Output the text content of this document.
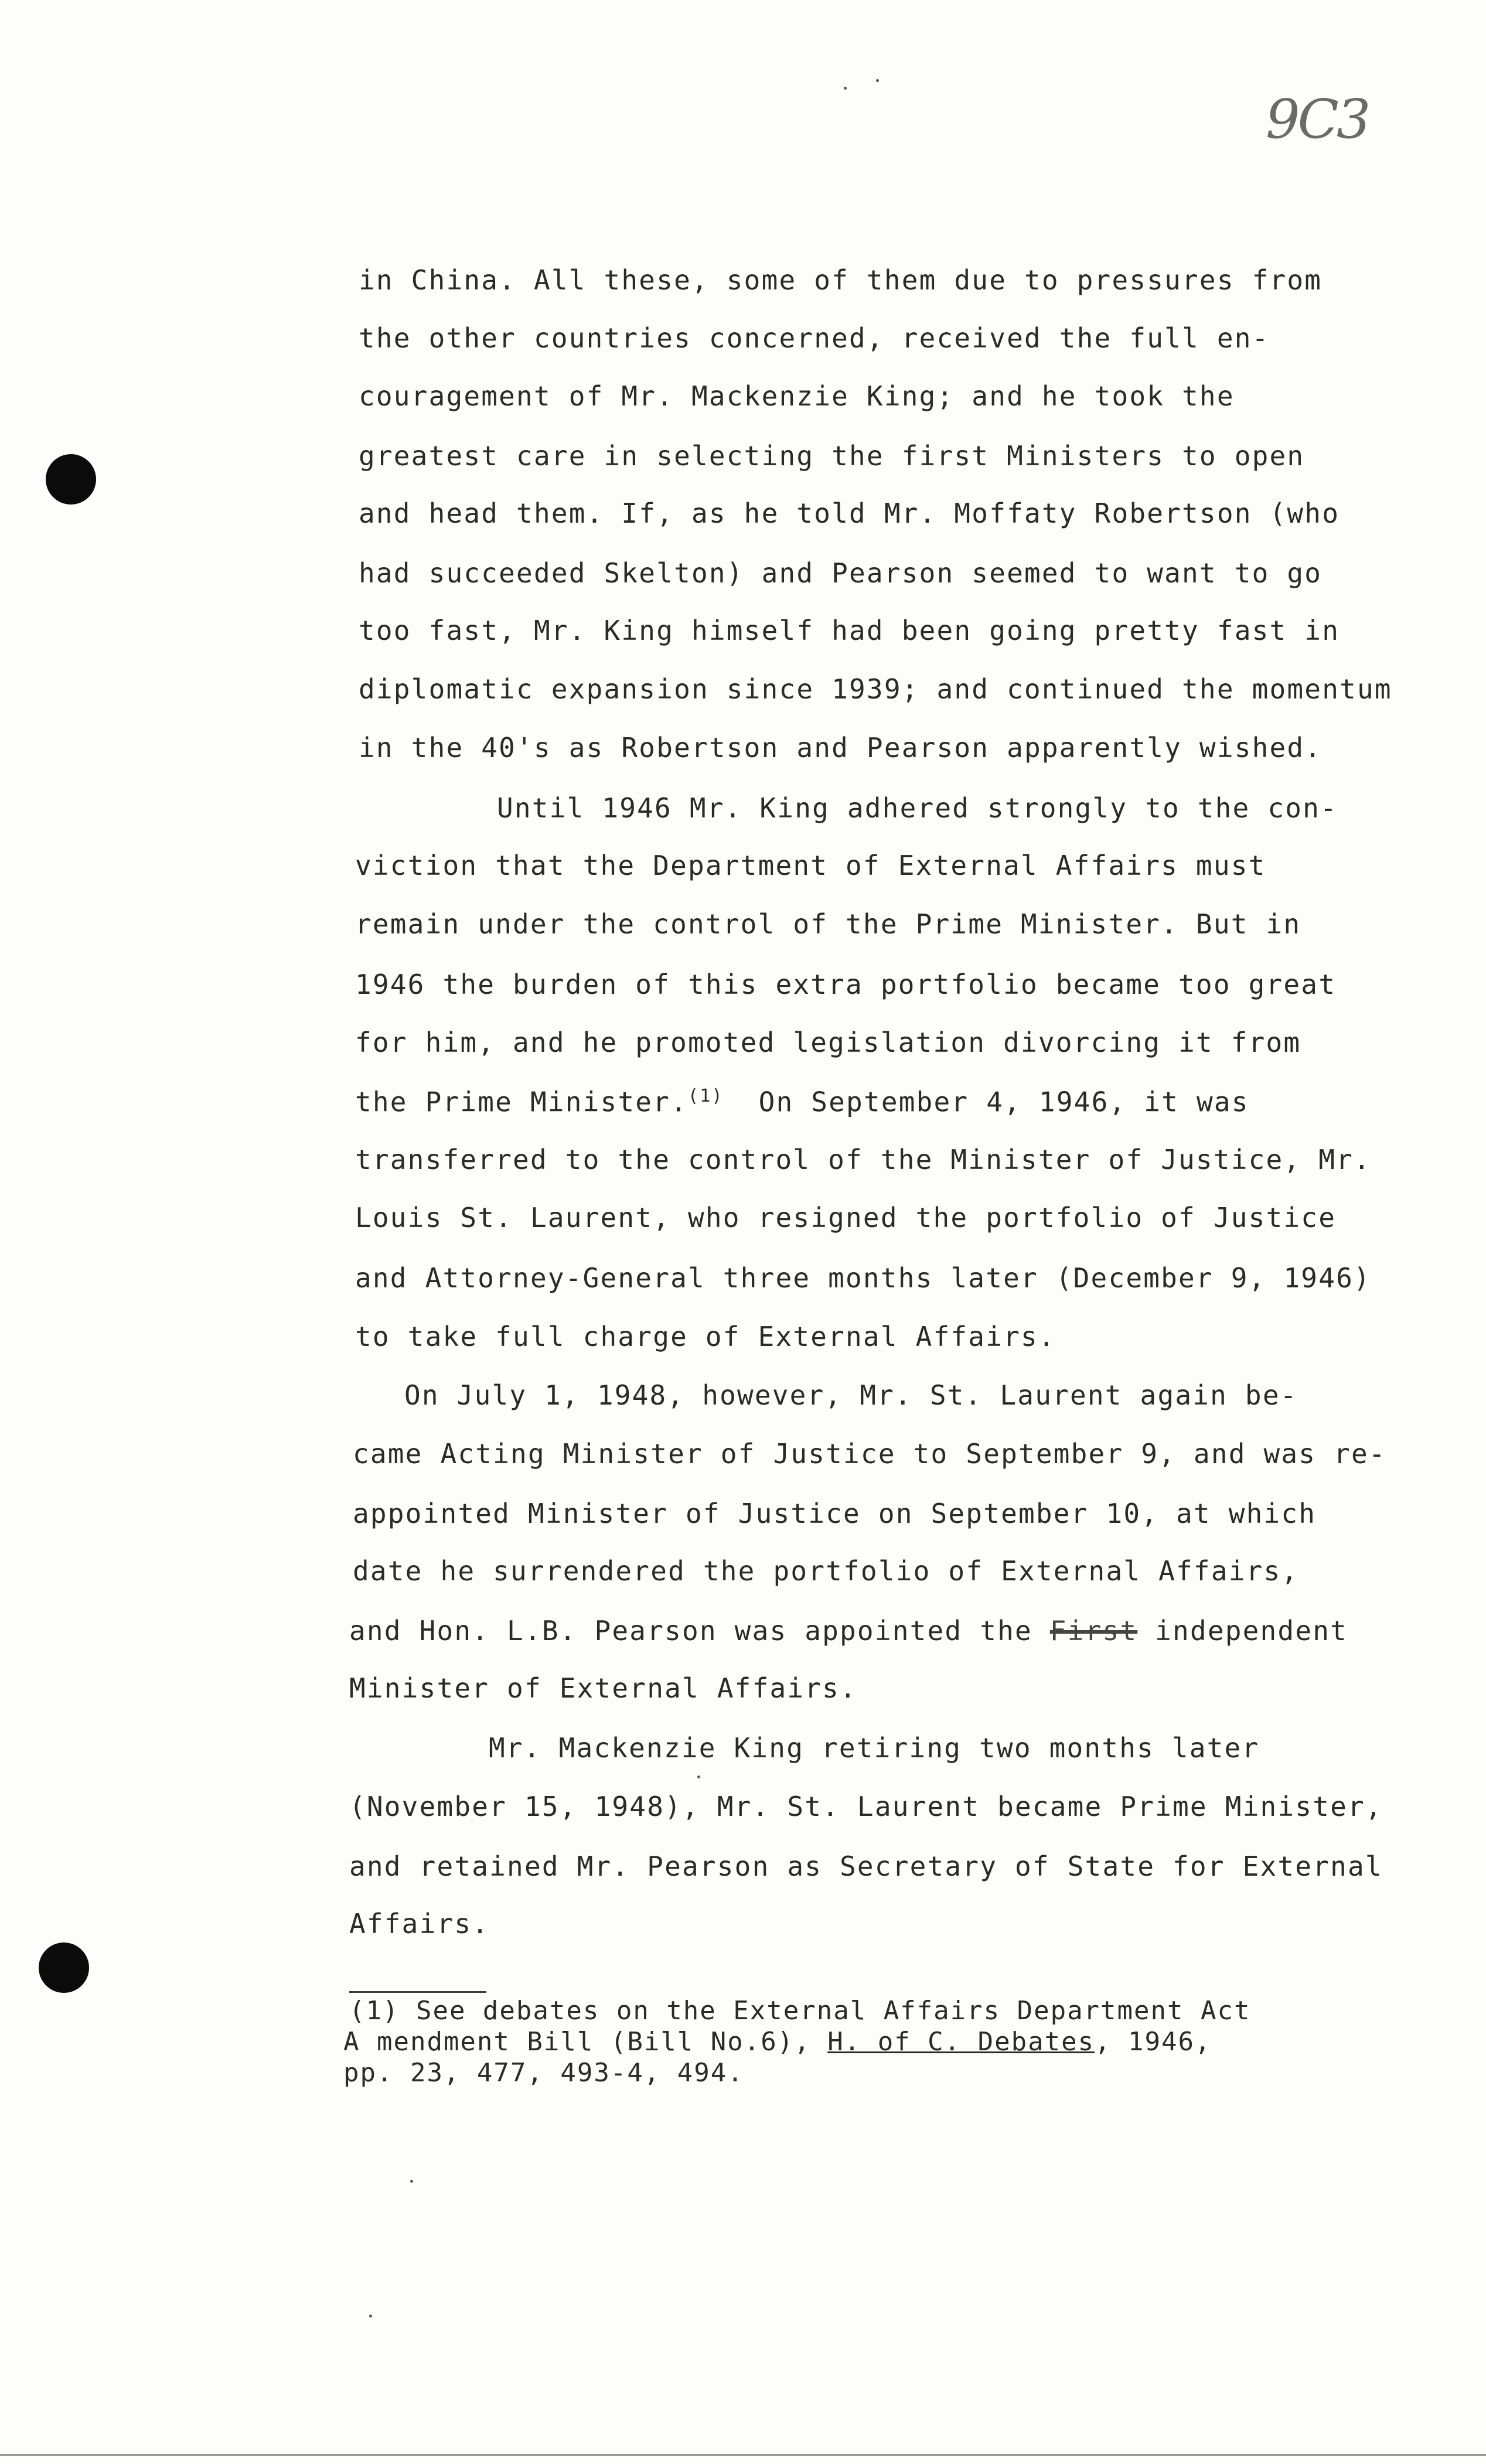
9C3
in China. All these, some of them due to pressures from
the other countries concerned, received the full en-
couragement of Mr. Mackenzie King; and he took the
greatest care in selecting the first Ministers to open
and head them. If, as he told Mr. Moffaty Robertson (who
had succeeded Skelton) and Pearson seemed to want to go
too fast, Mr. King himself had been going pretty fast in
diplomatic expansion since 1939; and continued the momentum
in the 40's as Robertson and Pearson apparently wished.
Until 1946 Mr. King adhered strongly to the con-
viction that the Department of External Affairs must
remain under the control of the Prime Minister. But in
1946 the burden of this extra portfolio became too great
for him, and he promoted legislation divorcing it from
the Prime Minister.$^{(1)}$  On September 4, 1946, it was
transferred to the control of the Minister of Justice, Mr.
Louis St. Laurent, who resigned the portfolio of Justice
and Attorney-General three months later (December 9, 1946)
to take full charge of External Affairs.
On July 1, 1948, however, Mr. St. Laurent again be-
came Acting Minister of Justice to September 9, and was re-
appointed Minister of Justice on September 10, at which
date he surrendered the portfolio of External Affairs,
and Hon. L.B. Pearson was appointed the First independent
Minister of External Affairs.
Mr. Mackenzie King retiring two months later
(November 15, 1948), Mr. St. Laurent became Prime Minister,
and retained Mr. Pearson as Secretary of State for External
Affairs.
(1) See debates on the External Affairs Department Act
A mendment Bill (Bill No.6), H. of C. Debates, 1946,
pp. 23, 477, 493-4, 494.
